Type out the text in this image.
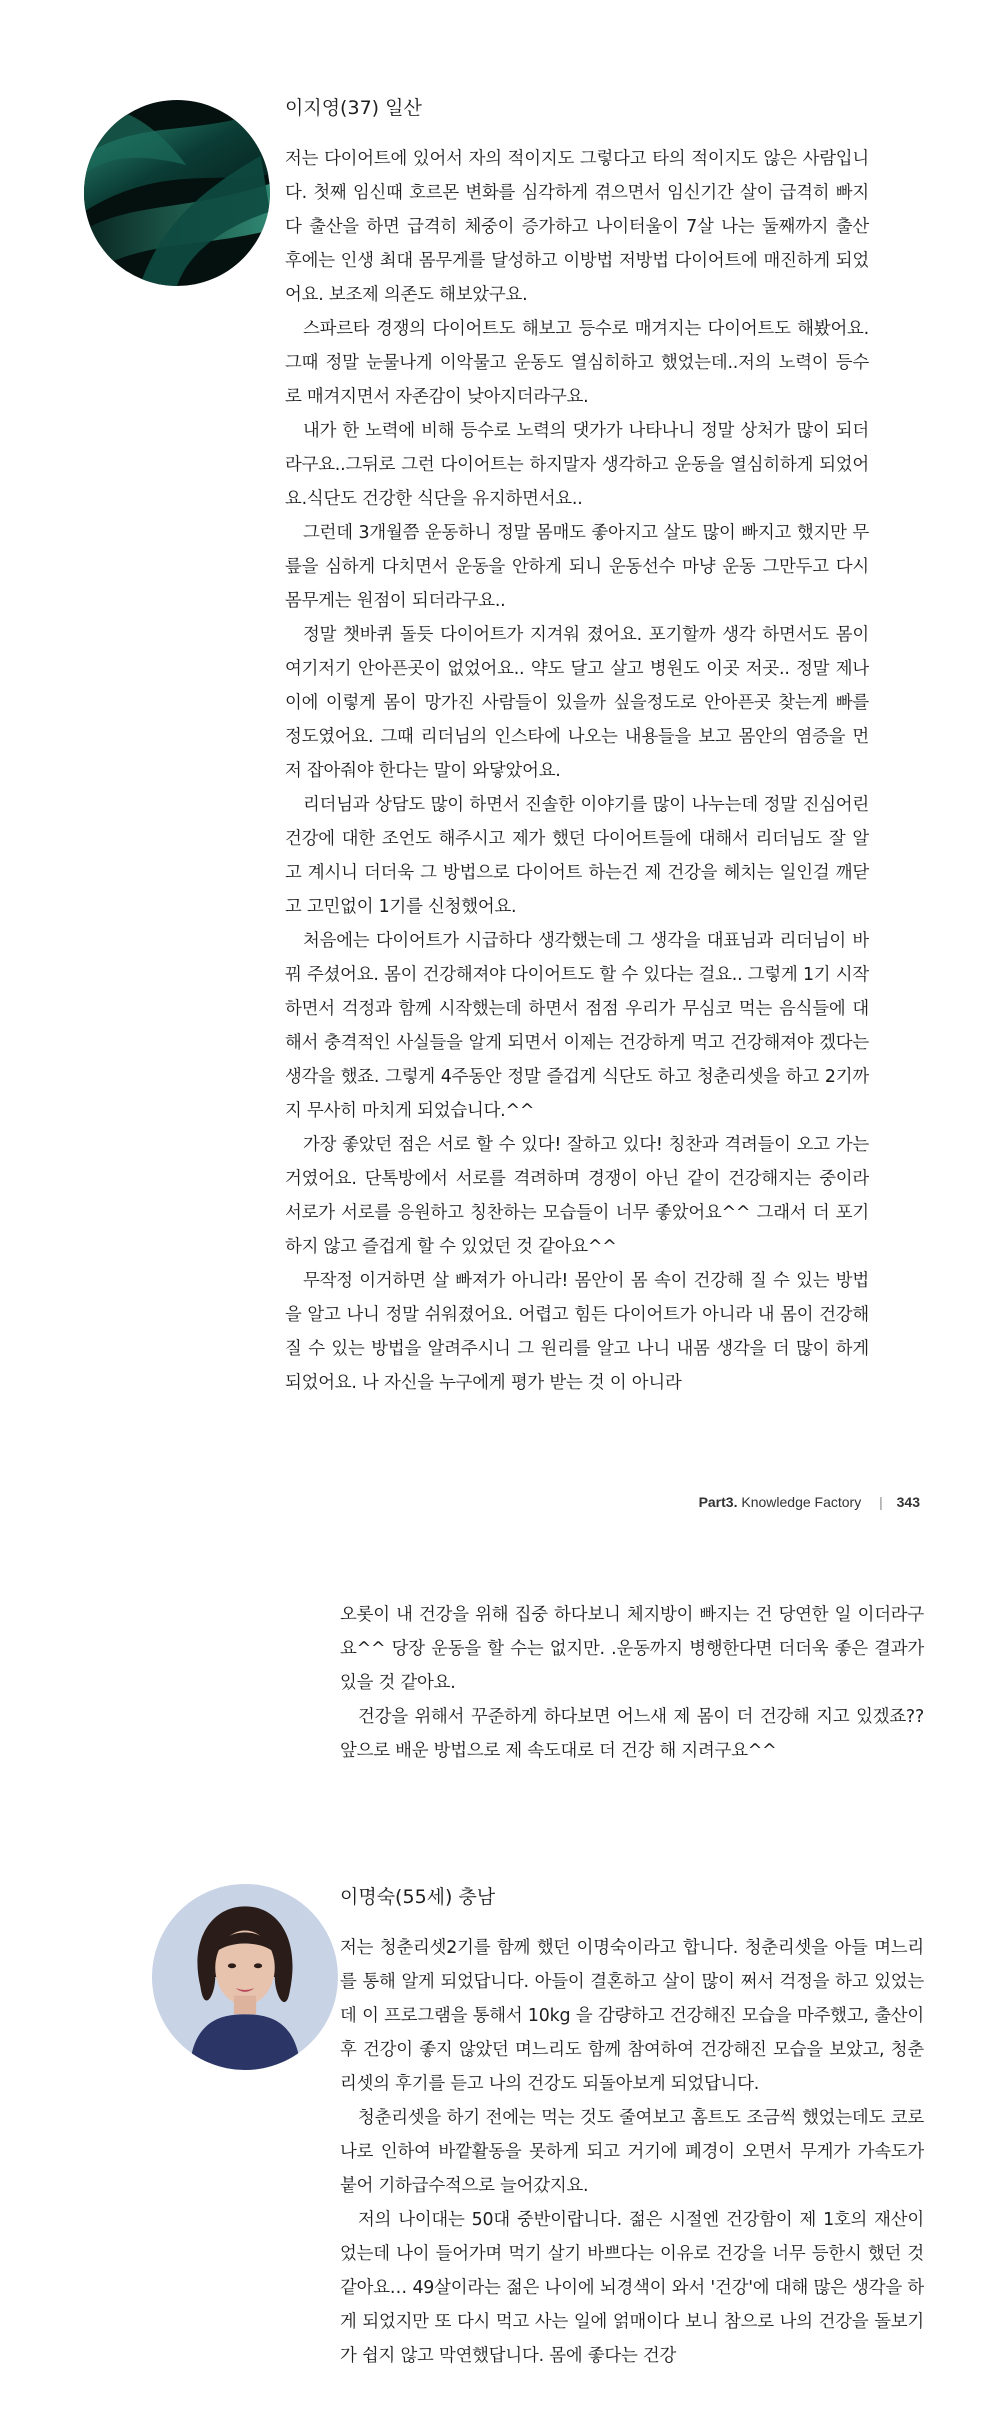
이지영(37) 일산

저는 다이어트에 있어서 자의 적이지도 그렇다고 타의 적이지도 않은 사람입니다. 첫째 임신때 호르몬 변화를 심각하게 겪으면서 임신기간 살이 급격히 빠지다 출산을 하면 급격히 체중이 증가하고 나이터울이 7살 나는 둘째까지 출산 후에는 인생 최대 몸무게를 달성하고 이방법 저방법 다이어트에 매진하게 되었어요. 보조제 의존도 해보았구요.

스파르타 경쟁의 다이어트도 해보고 등수로 매겨지는 다이어트도 해봤어요.그때 정말 눈물나게 이악물고 운동도 열심히하고 했었는데..저의 노력이 등수로 매겨지면서 자존감이 낮아지더라구요.

내가 한 노력에 비해 등수로 노력의 댓가가 나타나니 정말 상처가 많이 되더라구요..그뒤로 그런 다이어트는 하지말자 생각하고 운동을 열심히하게 되었어요.식단도 건강한 식단을 유지하면서요..

그런데 3개월쯤 운동하니 정말 몸매도 좋아지고 살도 많이 빠지고 했지만 무릎을 심하게 다치면서 운동을 안하게 되니 운동선수 마냥 운동 그만두고 다시 몸무게는 원점이 되더라구요..

정말 챗바퀴 돌듯 다이어트가 지겨워 졌어요. 포기할까 생각 하면서도 몸이 여기저기 안아픈곳이 없었어요.. 약도 달고 살고 병원도 이곳 저곳.. 정말 제나이에 이렇게 몸이 망가진 사람들이 있을까 싶을정도로 안아픈곳 찾는게 빠를 정도였어요. 그때 리더님의 인스타에 나오는 내용들을 보고 몸안의 염증을 먼저 잡아줘야 한다는 말이 와닿았어요.

리더님과 상담도 많이 하면서 진솔한 이야기를 많이 나누는데 정말 진심어린 건강에 대한 조언도 해주시고 제가 했던 다이어트들에 대해서 리더님도 잘 알고 계시니 더더욱 그 방법으로 다이어트 하는건 제 건강을 헤치는 일인걸 깨닫고 고민없이 1기를 신청했어요.

처음에는 다이어트가 시급하다 생각했는데 그 생각을 대표님과 리더님이 바꿔 주셨어요. 몸이 건강해져야 다이어트도 할 수 있다는 걸요.. 그렇게 1기 시작하면서 걱정과 함께 시작했는데 하면서 점점 우리가 무심코 먹는 음식들에 대해서 충격적인 사실들을 알게 되면서 이제는 건강하게 먹고 건강해져야 겠다는 생각을 했죠. 그렇게 4주동안 정말 즐겁게 식단도 하고 청춘리셋을 하고 2기까지 무사히 마치게 되었습니다.^^

가장 좋았던 점은 서로 할 수 있다! 잘하고 있다! 칭찬과 격려들이 오고 가는 거였어요. 단톡방에서 서로를 격려하며 경쟁이 아닌 같이 건강해지는 중이라 서로가 서로를 응원하고 칭찬하는 모습들이 너무 좋았어요^^ 그래서 더 포기하지 않고 즐겁게 할 수 있었던 것 같아요^^

무작정 이거하면 살 빠져가 아니라! 몸안이 몸 속이 건강해 질 수 있는 방법을 알고 나니 정말 쉬워졌어요. 어렵고 힘든 다이어트가 아니라 내 몸이 건강해 질 수 있는 방법을 알려주시니 그 원리를 알고 나니 내몸 생각을 더 많이 하게 되었어요. 나 자신을 누구에게 평가 받는 것 이 아니라

Part3. Knowledge Factory | 343

오롯이 내 건강을 위해 집중 하다보니 체지방이 빠지는 건 당연한 일 이더라구요^^ 당장 운동을 할 수는 없지만. .운동까지 병행한다면 더더욱 좋은 결과가 있을 것 같아요.

건강을 위해서 꾸준하게 하다보면 어느새 제 몸이 더 건강해 지고 있겠죠?? 앞으로 배운 방법으로 제 속도대로 더 건강 해 지려구요^^

이명숙(55세) 충남

저는 청춘리셋2기를 함께 했던 이명숙이라고 합니다. 청춘리셋을 아들 며느리를 통해 알게 되었답니다. 아들이 결혼하고 살이 많이 쩌서 걱정을 하고 있었는데 이 프로그램을 통해서 10kg 을 감량하고 건강해진 모습을 마주했고, 출산이후 건강이 좋지 않았던 며느리도 함께 참여하여 건강해진 모습을 보았고, 청춘리셋의 후기를 듣고 나의 건강도 되돌아보게 되었답니다.

청춘리셋을 하기 전에는 먹는 것도 줄여보고 홈트도 조금씩 했었는데도 코로나로 인하여 바깥활동을 못하게 되고 거기에 폐경이 오면서 무게가 가속도가 붙어 기하급수적으로 늘어갔지요.

저의 나이대는 50대 중반이랍니다. 젊은 시절엔 건강함이 제 1호의 재산이었는데 나이 들어가며 먹기 살기 바쁘다는 이유로 건강을 너무 등한시 했던 것 같아요… 49살이라는 젊은 나이에 뇌경색이 와서 '건강'에 대해 많은 생각을 하게 되었지만 또 다시 먹고 사는 일에 얽매이다 보니 참으로 나의 건강을 돌보기가 쉽지 않고 막연했답니다. 몸에 좋다는 건강
